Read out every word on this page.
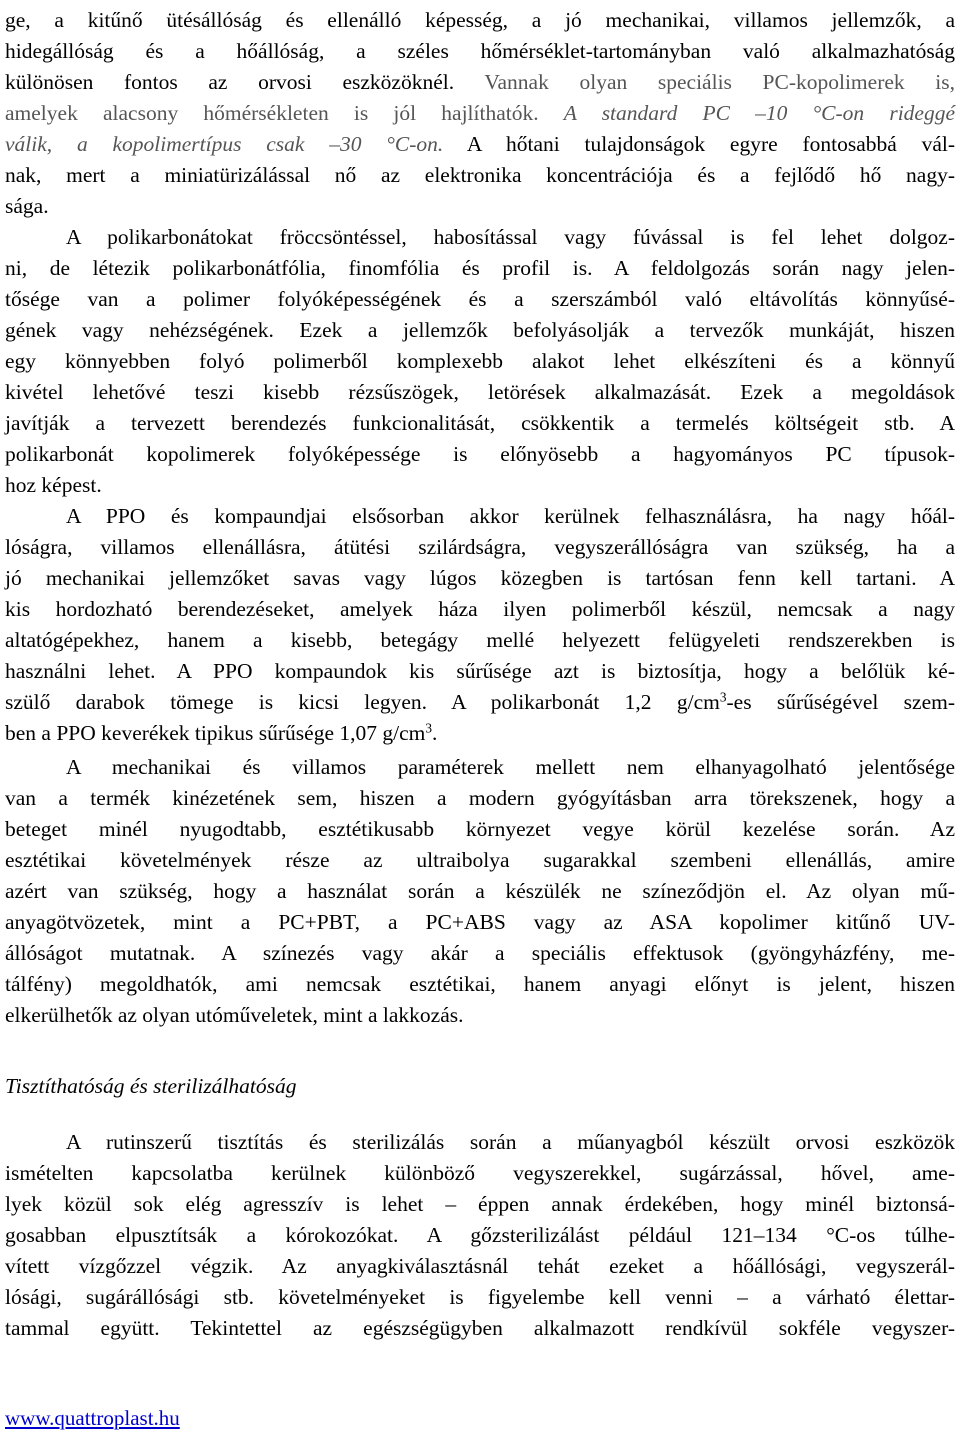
ge, a kitűnő ütésállóság és ellenálló képesség, a jó mechanikai, villamos jellemzők, a
hidegállóság és a hőállóság, a széles hőmérséklet-tartományban való alkalmazhatóság
különösen fontos az orvosi eszközöknél. Vannak olyan speciális PC-kopolimerek is,
amelyek alacsony hőmérsékleten is jól hajlíthatók. A standard PC –10 °C-on rideggé
válik, a kopolimertípus csak –30 °C-on. A hőtani tulajdonságok egyre fontosabbá vál-
nak, mert a miniatürizálással nő az elektronika koncentrációja és a fejlődő hő nagy-
sága.
A polikarbonátokat fröccsöntéssel, habosítással vagy fúvással is fel lehet dolgoz-
ni, de létezik polikarbonátfólia, finomfólia és profil is. A feldolgozás során nagy jelen-
tősége van a polimer folyóképességének és a szerszámból való eltávolítás könnyűsé-
gének vagy nehézségének. Ezek a jellemzők befolyásolják a tervezők munkáját, hiszen
egy könnyebben folyó polimerből komplexebb alakot lehet elkészíteni és a könnyű
kivétel lehetővé teszi kisebb rézsűszögek, letörések alkalmazását. Ezek a megoldások
javítják a tervezett berendezés funkcionalitását, csökkentik a termelés költségeit stb. A
polikarbonát kopolimerek folyóképessége is előnyösebb a hagyományos PC típusok-
hoz képest.
A PPO és kompaundjai elsősorban akkor kerülnek felhasználásra, ha nagy hőál-
lóságra, villamos ellenállásra, átütési szilárdságra, vegyszerállóságra van szükség, ha a
jó mechanikai jellemzőket savas vagy lúgos közegben is tartósan fenn kell tartani. A
kis hordozható berendezéseket, amelyek háza ilyen polimerből készül, nemcsak a nagy
altatógépekhez, hanem a kisebb, betegágy mellé helyezett felügyeleti rendszerekben is
használni lehet. A PPO kompaundok kis sűrűsége azt is biztosítja, hogy a belőlük ké-
szülő darabok tömege is kicsi legyen. A polikarbonát 1,2 $g/cm^3-es$ sűrűségével szem-
ben a PPO keverékek tipikus sűrűsége 1,07 $g/cm^3$.
A mechanikai és villamos paraméterek mellett nem elhanyagolható jelentősége
van a termék kinézetének sem, hiszen a modern gyógyításban arra törekszenek, hogy a
beteget minél nyugodtabb, esztétikusabb környezet vegye körül kezelése során. Az
esztétikai követelmények része az ultraibolya sugarakkal szembeni ellenállás, amire
azért van szükség, hogy a használat során a készülék ne színeződjön el. Az olyan mű-
anyagötvözetek, mint a PC+PBT, a PC+ABS vagy az ASA kopolimer kitűnő UV-
állóságot mutatnak. A színezés vagy akár a speciális effektusok (gyöngyházfény, me-
tálfény) megoldhatók, ami nemcsak esztétikai, hanem anyagi előnyt is jelent, hiszen
elkerülhetők az olyan utóműveletek, mint a lakkozás.
Tisztíthatóság és sterilizálhatóság
A rutinszerű tisztítás és sterilizálás során a műanyagból készült orvosi eszközök
ismételten kapcsolatba kerülnek különböző vegyszerekkel, sugárzással, hővel, ame-
lyek közül sok elég agresszív is lehet – éppen annak érdekében, hogy minél biztonsá-
gosabban elpusztítsák a kórokozókat. A gőzsterilizálást például 121–134 °C-os túlhe-
vített vízgőzzel végzik. Az anyagkiválasztásnál tehát ezeket a hőállósági, vegyszerál-
lósági, sugárállósági stb. követelményeket is figyelembe kell venni – a várható élettar-
tammal együtt. Tekintettel az egészségügyben alkalmazott rendkívül sokféle vegyszer-
www.quattroplast.hu
